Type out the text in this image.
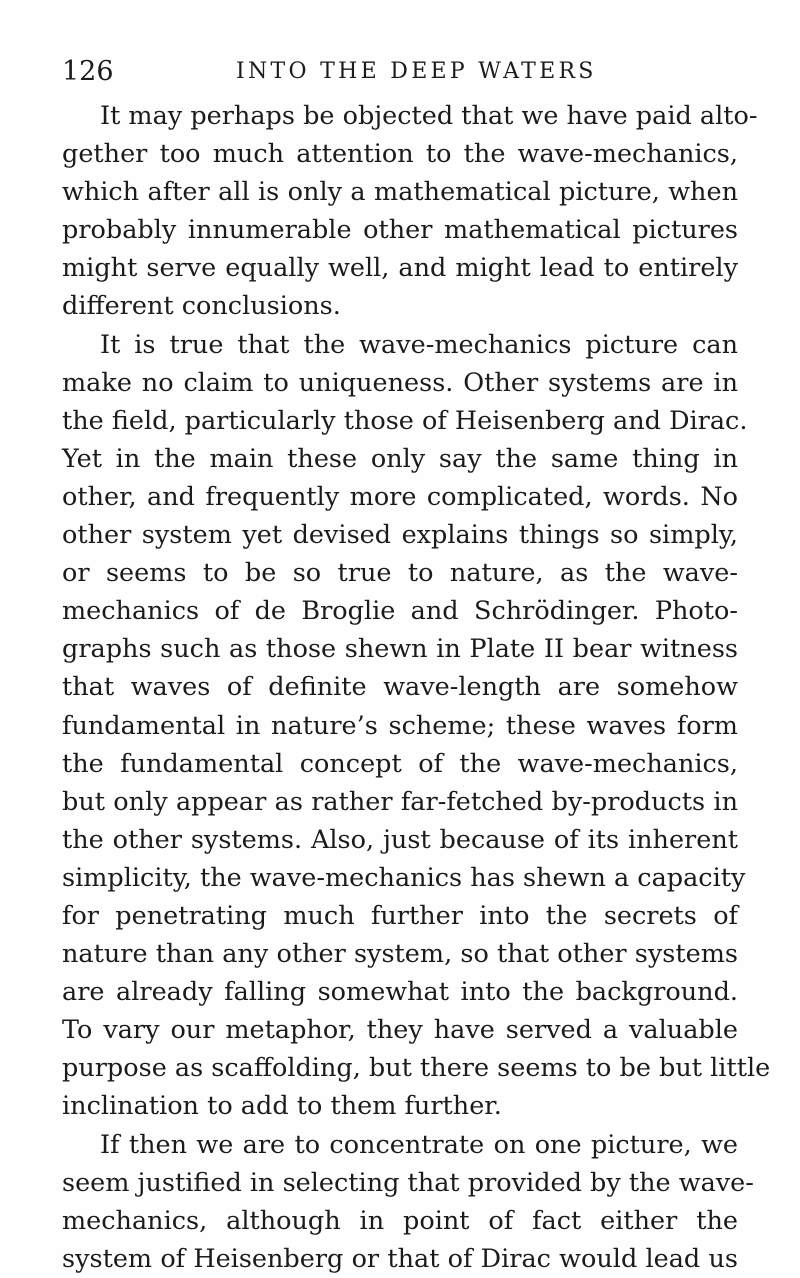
126	INTO THE DEEP WATERS
It may perhaps be objected that we have paid alto-
gether too much attention to the wave-mechanics,
which after all is only a mathematical picture, when
probably innumerable other mathematical pictures
might serve equally well, and might lead to entirely
different conclusions.
It is true that the wave-mechanics picture can
make no claim to uniqueness. Other systems are in
the field, particularly those of Heisenberg and Dirac.
Yet in the main these only say the same thing in
other, and frequently more complicated, words. No
other system yet devised explains things so simply,
or seems to be so true to nature, as the wave-
mechanics of de Broglie and Schrödinger. Photo-
graphs such as those shewn in Plate II bear witness
that waves of definite wave-length are somehow
fundamental in nature’s scheme; these waves form
the fundamental concept of the wave-mechanics,
but only appear as rather far-fetched by-products in
the other systems. Also, just because of its inherent
simplicity, the wave-mechanics has shewn a capacity
for penetrating much further into the secrets of
nature than any other system, so that other systems
are already falling somewhat into the background.
To vary our metaphor, they have served a valuable
purpose as scaffolding, but there seems to be but little
inclination to add to them further.
If then we are to concentrate on one picture, we
seem justified in selecting that provided by the wave-
mechanics, although in point of fact either the
system of Heisenberg or that of Dirac would lead us
